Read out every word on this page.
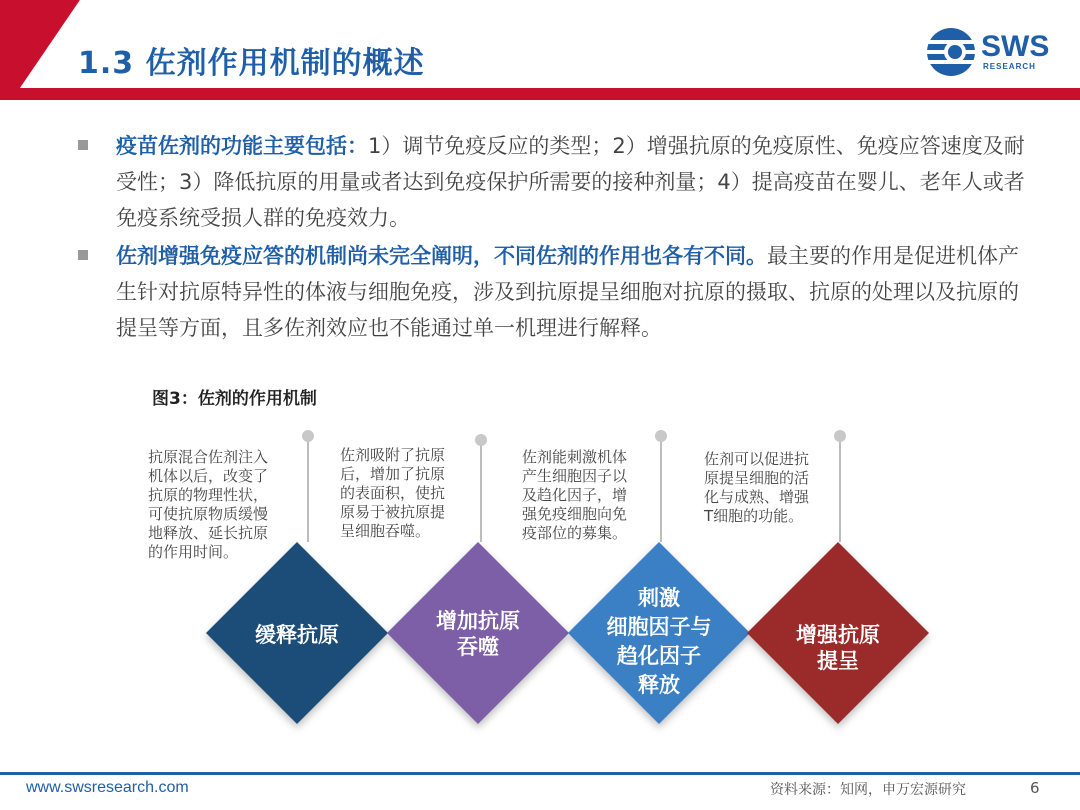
1.3 佐剂作用机制的概述	SWS
RESEARCH
疫苗佐剂的功能主要包括：1）调节免疫反应的类型；2）增强抗原的免疫原性、免疫应答速度及耐受性；3）降低抗原的用量或者达到免疫保护所需要的接种剂量；4）提高疫苗在婴儿、老年人或者免疫系统受损人群的免疫效力。
佐剂增强免疫应答的机制尚未完全阐明，不同佐剂的作用也各有不同。最主要的作用是促进机体产生针对抗原特异性的体液与细胞免疫，涉及到抗原提呈细胞对抗原的摄取、抗原的处理以及抗原的提呈等方面，且多佐剂效应也不能通过单一机理进行解释。
图3：佐剂的作用机制
抗原混合佐剂注入
机体以后，改变了
抗原的物理性状，
可使抗原物质缓慢
地释放、延长抗原
的作用时间。
佐剂吸附了抗原
后，增加了抗原
的表面积，使抗
原易于被抗原提
呈细胞吞噬。
佐剂能刺激机体
产生细胞因子以
及趋化因子，增
强免疫细胞向免
疫部位的募集。
佐剂可以促进抗
原提呈细胞的活
化与成熟、增强
T细胞的功能。
缓释抗原
增加抗原
吞噬
刺激
细胞因子与
趋化因子
释放
增强抗原
提呈
www.swsresearch.com	资料来源：知网，申万宏源研究	6
